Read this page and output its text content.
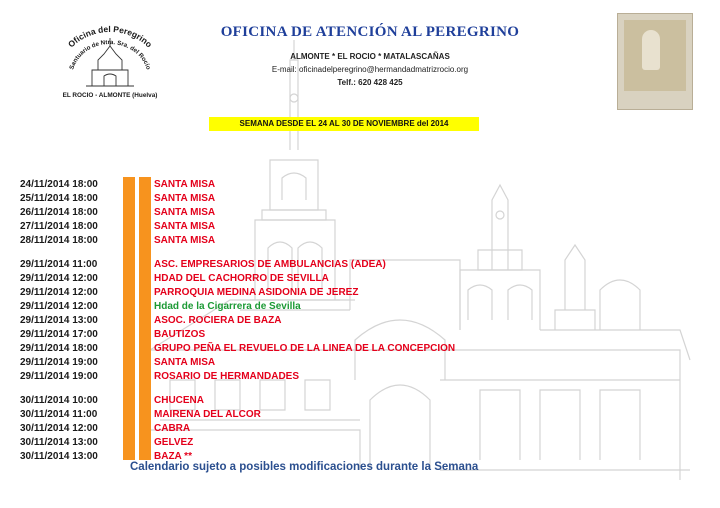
Oficina del Peregrino
Santuario de Ntra. Sra. del Rocío
EL ROCIO - ALMONTE (Huelva)
OFICINA DE ATENCIÓN AL PEREGRINO
ALMONTE * EL ROCIO * MATALASCAÑAS
E-mail: oficinadelperegrino@hermandadmatrizrocio.org
Telf.: 620 428 425
SEMANA DESDE EL 24 AL 30 DE NOVIEMBRE del 2014
24/11/2014 18:00	SANTA MISA
25/11/2014 18:00	SANTA MISA
26/11/2014 18:00	SANTA MISA
27/11/2014 18:00	SANTA MISA
28/11/2014 18:00	SANTA MISA
29/11/2014 11:00	ASC. EMPRESARIOS DE AMBULANCIAS (ADEA)
29/11/2014 12:00	HDAD DEL CACHORRO DE SEVILLA
29/11/2014 12:00	PARROQUIA MEDINA ASIDONIA DE JEREZ
29/11/2014 12:00	Hdad de la Cigarrera de Sevilla
29/11/2014 13:00	ASOC. ROCIERA DE BAZA
29/11/2014 17:00	BAUTIZOS
29/11/2014 18:00	GRUPO PEÑA EL REVUELO DE LA LINEA DE LA CONCEPCION
29/11/2014 19:00	SANTA MISA
29/11/2014 19:00	ROSARIO DE HERMANDADES
30/11/2014 10:00	CHUCENA
30/11/2014 11:00	MAIRENA DEL ALCOR
30/11/2014 12:00	CABRA
30/11/2014 13:00	GELVEZ
30/11/2014 13:00	BAZA **
Calendario sujeto a posibles modificaciones durante la Semana
